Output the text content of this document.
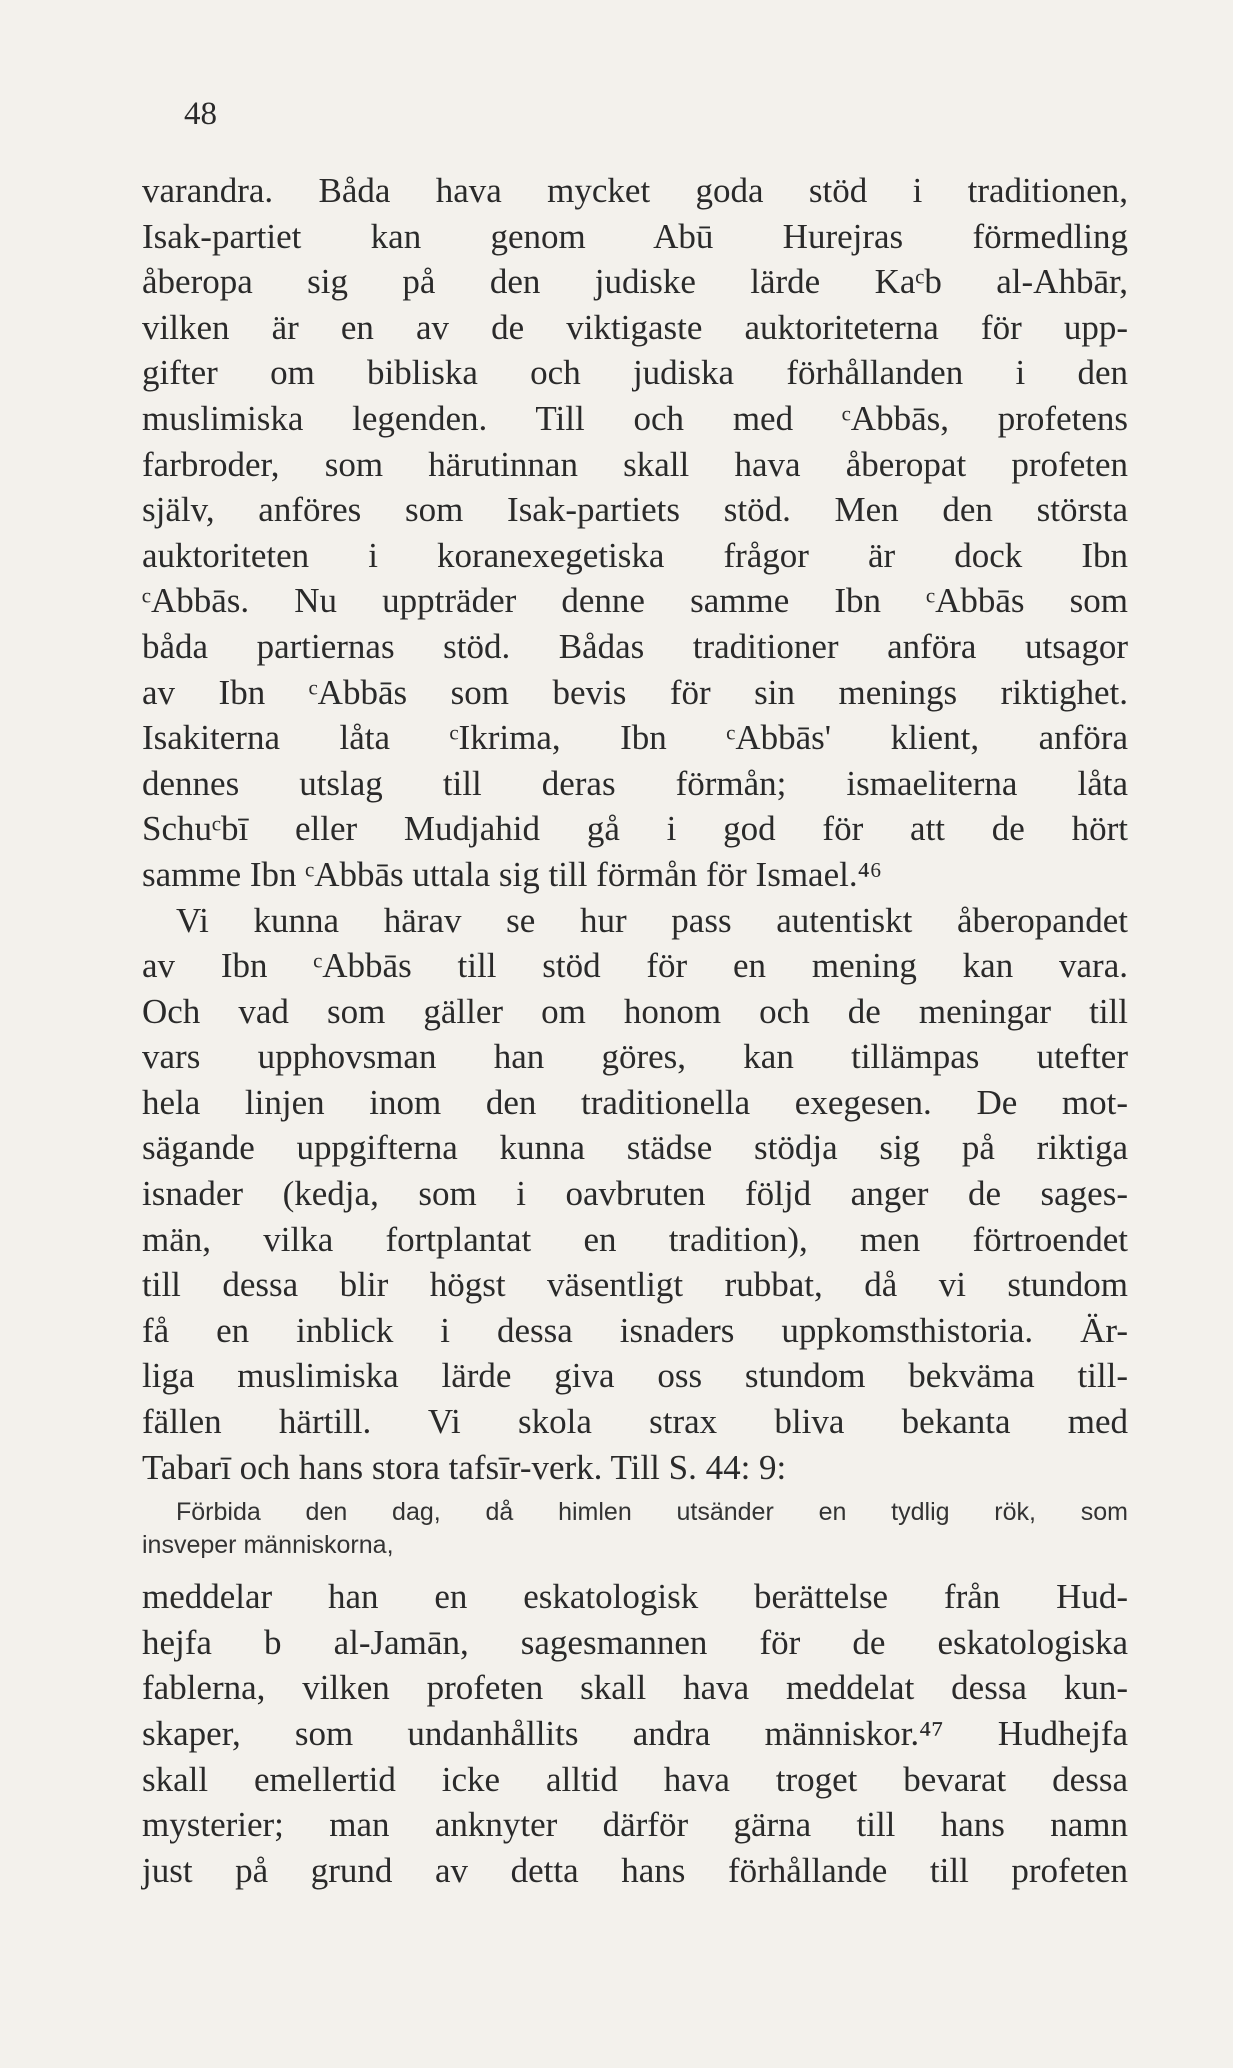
48
varandra. Båda hava mycket goda stöd i traditionen,
Isak-partiet kan genom Abū Hurejras förmedling
åberopa sig på den judiske lärde Kaᶜb al-Ahbār,
vilken är en av de viktigaste auktoriteterna för upp-
gifter om bibliska och judiska förhållanden i den
muslimiska legenden. Till och med ᶜAbbās, profetens
farbroder, som härutinnan skall hava åberopat profeten
själv, anföres som Isak-partiets stöd. Men den största
auktoriteten i koranexegetiska frågor är dock Ibn
ᶜAbbās. Nu uppträder denne samme Ibn ᶜAbbās som
båda partiernas stöd. Bådas traditioner anföra utsagor
av Ibn ᶜAbbās som bevis för sin menings riktighet.
Isakiterna låta ᶜIkrima, Ibn ᶜAbbās' klient, anföra
dennes utslag till deras förmån; ismaeliterna låta
Schuᶜbī eller Mudjahid gå i god för att de hört
samme Ibn ᶜAbbās uttala sig till förmån för Ismael.⁴⁶
Vi kunna härav se hur pass autentiskt åberopandet
av Ibn ᶜAbbās till stöd för en mening kan vara.
Och vad som gäller om honom och de meningar till
vars upphovsman han göres, kan tillämpas utefter
hela linjen inom den traditionella exegesen. De mot-
sägande uppgifterna kunna städse stödja sig på riktiga
isnader (kedja, som i oavbruten följd anger de sages-
män, vilka fortplantat en tradition), men förtroendet
till dessa blir högst väsentligt rubbat, då vi stundom
få en inblick i dessa isnaders uppkomsthistoria. Är-
liga muslimiska lärde giva oss stundom bekväma till-
fällen härtill. Vi skola strax bliva bekanta med
Tabarī och hans stora tafsīr-verk. Till S. 44: 9:
Förbida den dag, då himlen utsänder en tydlig rök, som
insveper människorna,
meddelar han en eskatologisk berättelse från Hud-
hejfa b al-Jamān, sagesmannen för de eskatologiska
fablerna, vilken profeten skall hava meddelat dessa kun-
skaper, som undanhållits andra människor.⁴⁷ Hudhejfa
skall emellertid icke alltid hava troget bevarat dessa
mysterier; man anknyter därför gärna till hans namn
just på grund av detta hans förhållande till profeten
